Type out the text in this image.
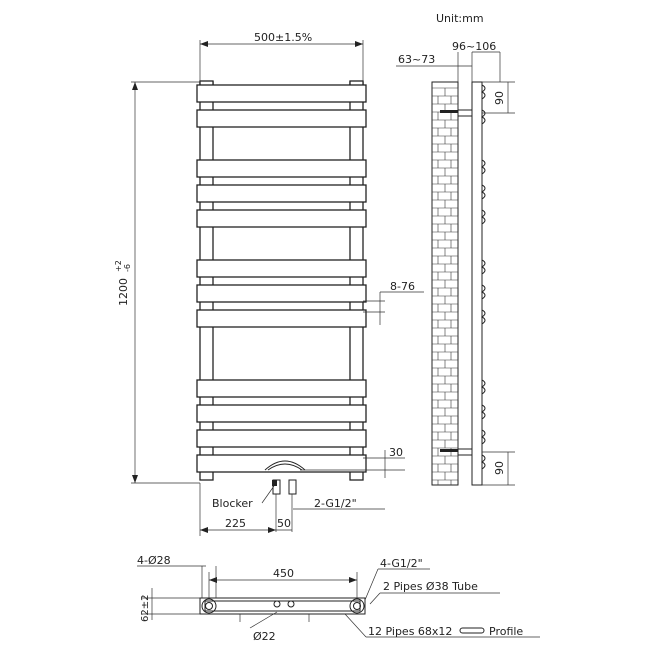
Unit:mm
500±1.5%
1200
+2 -6
8-76
30
Blocker	2-G1/2"
225	50
63~73
96~106
90
90
4-Ø28
450
4-G1/2"
62±2
Ø22
2 Pipes Ø38 Tube
12 Pipes 68x12	Profile
